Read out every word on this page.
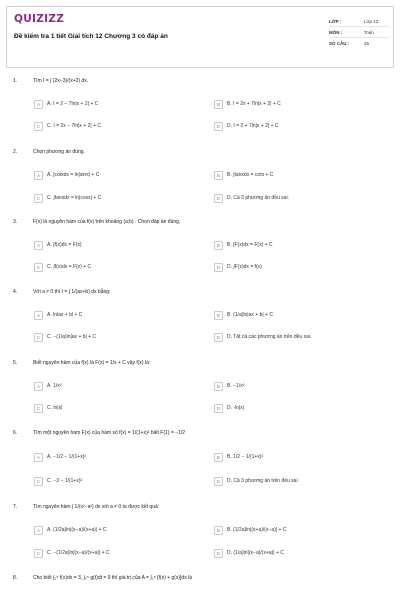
QUIZIZZ
Đề kiểm tra 1 tiết Giải tích 12 Chương 3 có đáp án
LỚP :	Lớp 12
MÔN :	Toán
SỐ CÂU :	25
1.	Tìm I = ∫ (2x−3)/(x+2) dx.
A	A. I = 2 − 7ln|x + 2| + C	B	B. I = 2x + 7ln|x + 2| + C
C	C. I = 2x − 7ln|x + 2| + C	D	D. I = 2 + 7ln|x + 2| + C
2.	Chọn phương án đúng.
A	A. ∫cotxdx = ln|sinx| + C	B	B. ∫tanxdx = cotx + C
C	C. ∫tanxdx = ln|cosx| + C	D	D. Cả 3 phương án đều sai.
3.	F(x) là nguyên hàm của f(x) trên khoảng (a;b) . Chọn đáp án đúng.
A	A. ∫f(x)dx = F(x)	B	B. ∫F(x)dx = F(x) + C
C	C. ∫f(x)dx = F(x) + C	D	D. ∫F(x)dx = f(x)
4.	Với a ≠ 0 thì I = ∫ 1/(ax+b) dx bằng:
A	A. lnlax + bl + C	B	B. (1/a)ln|ax + b| + C
C	C. −(1/a)ln|ax + b| + C	D	D. Tất cả các phương án trên đều sai.
5.	Biết nguyên hàm của f(x) là F(x) = 1/x + C vậy f(x) là:
A	A. 1/x²	B	B. −1/x²
C	C. ln|x|	D	D. -ln|x|
6.	Tìm một nguyên hàm F(x) của hàm số f(x) = 1/(1+x)² biết F(1) = −1/2
A	A. −1/2 − 1/(1+x)²	B	B. 1/2 − 1/(1+x)²
C	C. −3 − 1/(1+x)²	D	D. Cả 3 phương án trên đều sai
7.	Tìm nguyên hàm ∫ 1/(x²−a²) dx với a ≠ 0 ta được kết quả:
A	A. (1/2a)ln|(x−a)/(x+a)| + C	B	B. (1/2a)ln|(x+a)/(x−a)| + C
C	C. −(1/2a)ln|(x−a)/(x+a)| + C	D	D. (1/a)ln|(x−a)/(x+a)| + C
8.	Cho biết ∫₂⁵ f(x)dx = 3, ∫₂⁵ g(t)dt = 9 thì giá trị của A = ∫₂⁵ [f(x) + g(x)]dx là
